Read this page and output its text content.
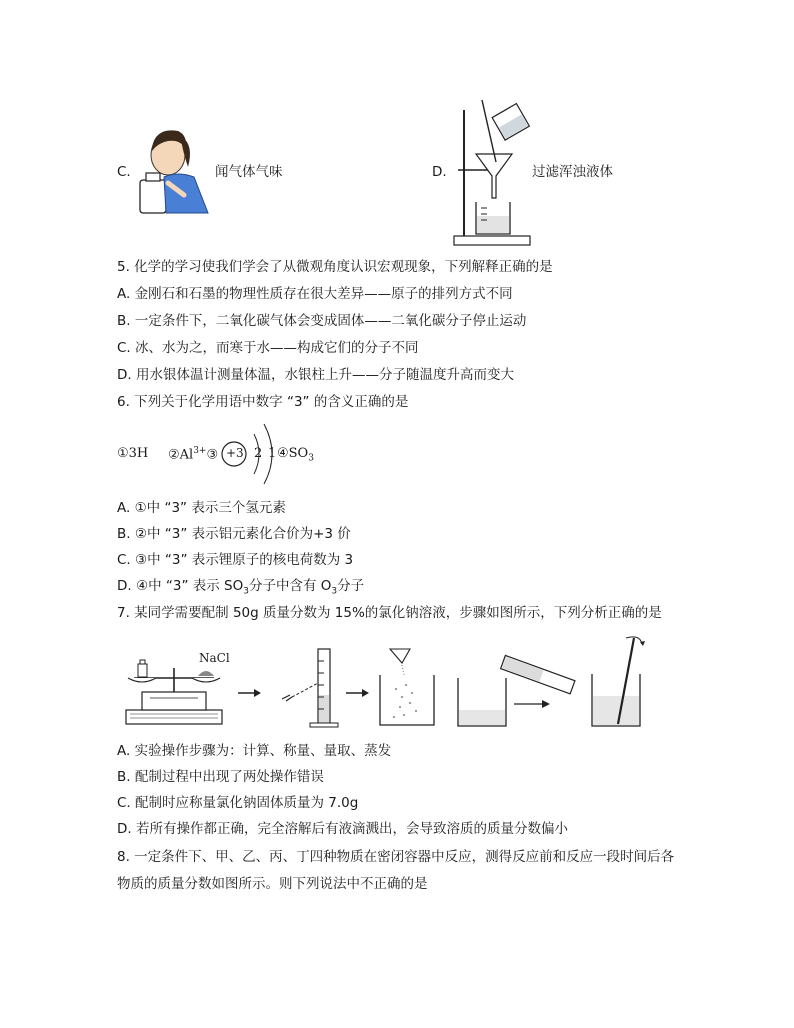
C.	闻气体气味	D.	过滤浑浊液体
5. 化学的学习使我们学会了从微观角度认识宏观现象，下列解释正确的是
A. 金刚石和石墨的物理性质存在很大差异——原子的排列方式不同
B. 一定条件下，二氧化碳气体会变成固体——二氧化碳分子停止运动
C. 冰、水为之，而寒于水——构成它们的分子不同
D. 用水银体温计测量体温，水银柱上升——分子随温度升高而变大
6. 下列关于化学用语中数字 “3” 的含义正确的是
①3H $②Al^{3+}③ +3$ 2 1 $④SO_3$
A. ①中 “3” 表示三个氢元素
B. ②中 “3” 表示铝元素化合价为+3 价
C. ③中 “3” 表示锂原子的核电荷数为 3
D. ④中 “3” 表示 $SO_3$分子中含有 $O_3$分子
7. 某同学需要配制 50g 质量分数为 15%的氯化钠溶液，步骤如图所示，下列分析正确的是
NaCl
A. 实验操作步骤为：计算、称量、量取、蒸发
B. 配制过程中出现了两处操作错误
C. 配制时应称量氯化钠固体质量为 7.0g
D. 若所有操作都正确，完全溶解后有液滴溅出，会导致溶质的质量分数偏小
8. 一定条件下、甲、乙、丙、丁四种物质在密闭容器中反应，测得反应前和反应一段时间后各
物质的质量分数如图所示。则下列说法中不正确的是
